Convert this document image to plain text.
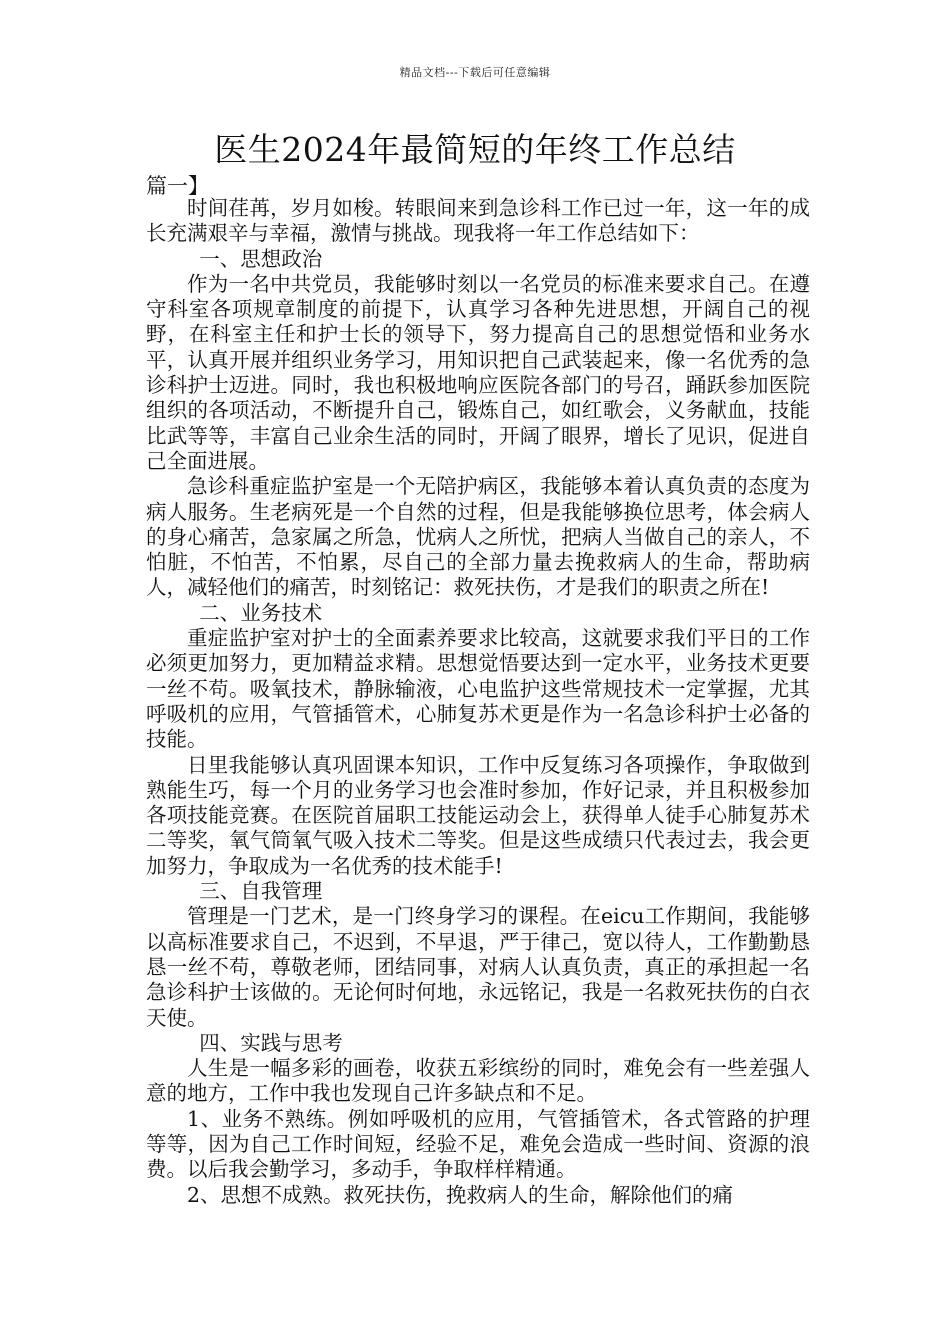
精品文档---下载后可任意编辑
医生2024年最简短的年终工作总结
篇一】

时间荏苒，岁月如梭。转眼间来到急诊科工作已过一年，这一年的成长充满艰辛与幸福，激情与挑战。现我将一年工作总结如下：

一、思想政治

作为一名中共党员，我能够时刻以一名党员的标准来要求自己。在遵守科室各项规章制度的前提下，认真学习各种先进思想，开阔自己的视野，在科室主任和护士长的领导下，努力提高自己的思想觉悟和业务水平，认真开展并组织业务学习，用知识把自己武装起来，像一名优秀的急诊科护士迈进。同时，我也积极地响应医院各部门的号召，踊跃参加医院组织的各项活动，不断提升自己，锻炼自己，如红歌会，义务献血，技能比武等等，丰富自己业余生活的同时，开阔了眼界，增长了见识，促进自己全面进展。

急诊科重症监护室是一个无陪护病区，我能够本着认真负责的态度为病人服务。生老病死是一个自然的过程，但是我能够换位思考，体会病人的身心痛苦，急家属之所急，忧病人之所忧，把病人当做自己的亲人，不怕脏，不怕苦，不怕累，尽自己的全部力量去挽救病人的生命，帮助病人，减轻他们的痛苦，时刻铭记：救死扶伤，才是我们的职责之所在!

二、业务技术

重症监护室对护士的全面素养要求比较高，这就要求我们平日的工作必须更加努力，更加精益求精。思想觉悟要达到一定水平，业务技术更要一丝不苟。吸氧技术，静脉输液，心电监护这些常规技术一定掌握，尤其呼吸机的应用，气管插管术，心肺复苏术更是作为一名急诊科护士必备的技能。

日里我能够认真巩固课本知识，工作中反复练习各项操作，争取做到熟能生巧，每一个月的业务学习也会准时参加，作好记录，并且积极参加各项技能竞赛。在医院首届职工技能运动会上，获得单人徒手心肺复苏术二等奖，氧气筒氧气吸入技术二等奖。但是这些成绩只代表过去，我会更加努力，争取成为一名优秀的技术能手!

三、自我管理

管理是一门艺术，是一门终身学习的课程。在eicu工作期间，我能够以高标准要求自己，不迟到，不早退，严于律己，宽以待人，工作勤勤恳恳一丝不苟，尊敬老师，团结同事，对病人认真负责，真正的承担起一名急诊科护士该做的。无论何时何地，永远铭记，我是一名救死扶伤的白衣天使。

四、实践与思考

人生是一幅多彩的画卷，收获五彩缤纷的同时，难免会有一些差强人意的地方，工作中我也发现自己许多缺点和不足。

1、业务不熟练。例如呼吸机的应用，气管插管术，各式管路的护理等等，因为自己工作时间短，经验不足，难免会造成一些时间、资源的浪费。以后我会勤学习，多动手，争取样样精通。

2、思想不成熟。救死扶伤，挽救病人的生命，解除他们的痛
